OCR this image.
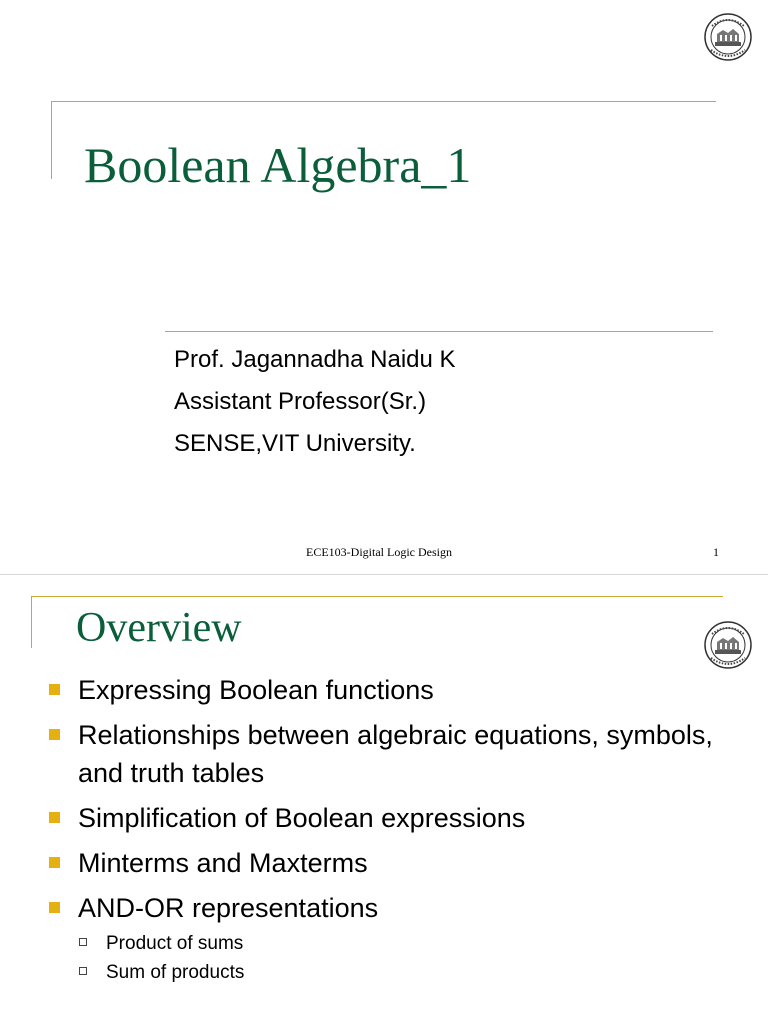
Boolean Algebra_1
Prof. Jagannadha Naidu K
Assistant Professor(Sr.)
SENSE,VIT University.
ECE103-Digital Logic Design	1
Overview
Expressing Boolean functions
Relationships between algebraic equations, symbols, and truth tables
Simplification of Boolean expressions
Minterms and Maxterms
AND-OR representations
Product of sums
Sum of products
